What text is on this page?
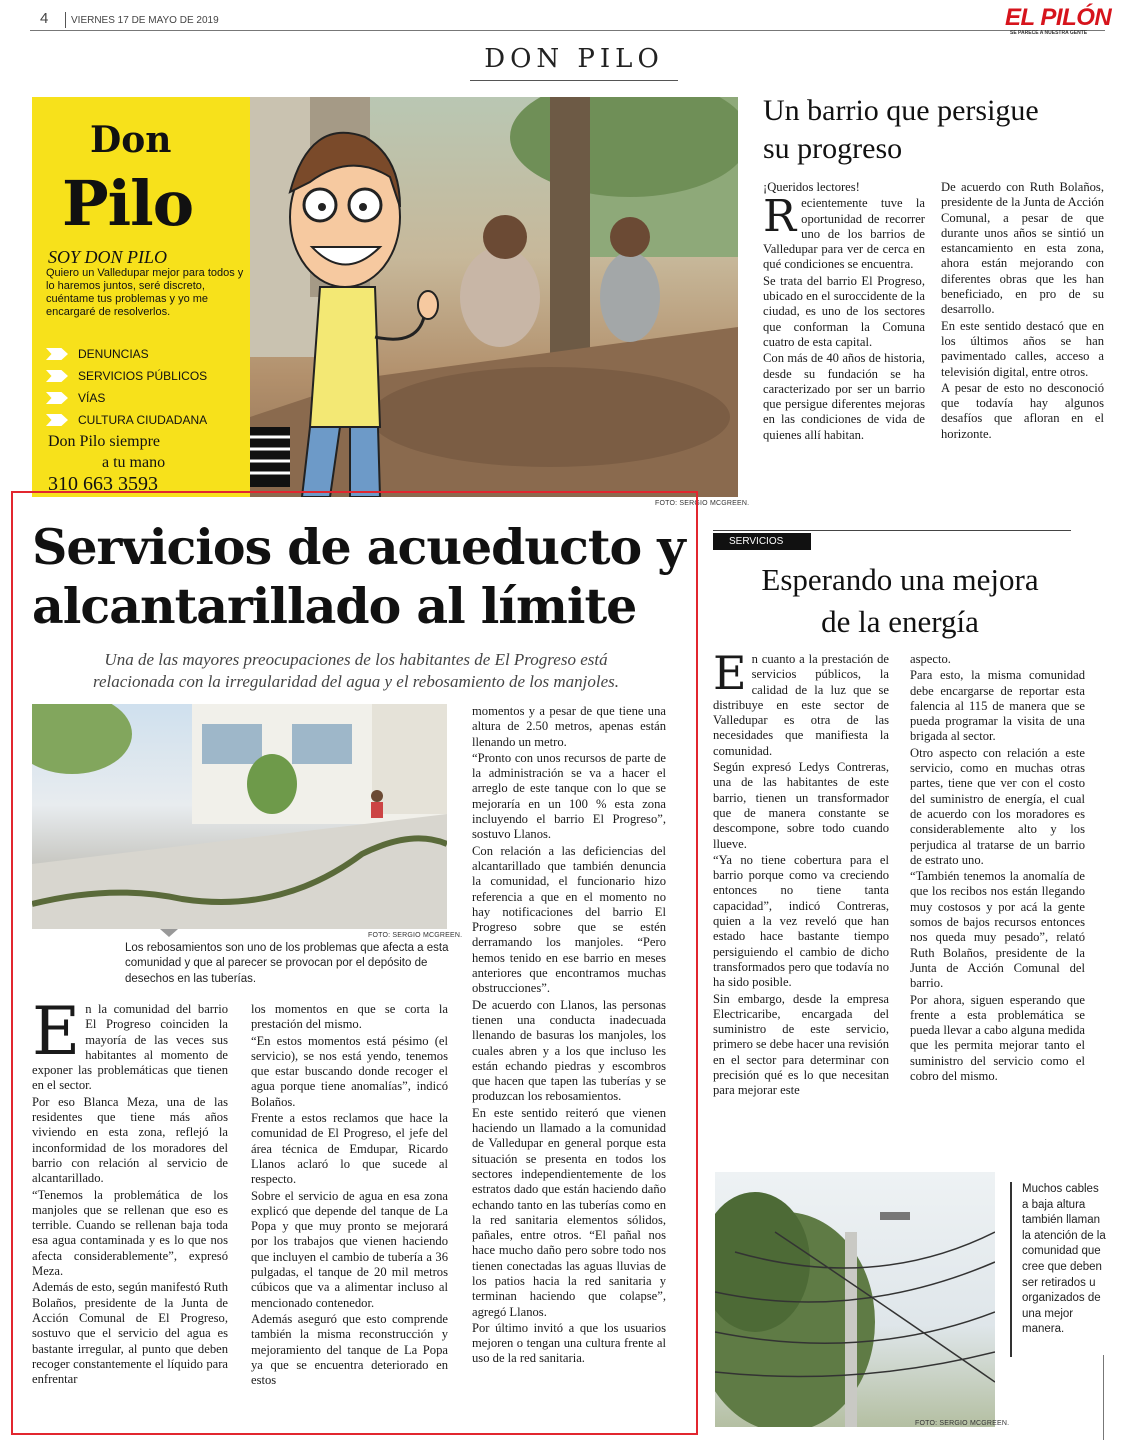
4 VIERNES 17 DE MAYO DE 2019	EL PILÓN
SE PARECE A NUESTRA GENTE
DON PILO
Don
Pilo
SOY DON PILO
Quiero un Valledupar mejor para todos y lo haremos juntos, seré discreto, cuéntame tus problemas y yo me encargaré de resolverlos.
DENUNCIAS
SERVICIOS PÚBLICOS
VÍAS
CULTURA CIUDADANA
Don Pilo siempre
a tu mano
310 663 3593
FOTO: SERGIO MCGREEN.
Un barrio que persigue
su progreso

¡Queridos lectores!

R ecientemente tuve la oportunidad de recorrer uno de los barrios de Valledupar para ver de cerca en qué condiciones se encuentra.

Se trata del barrio El Progreso, ubicado en el suroccidente de la ciudad, es uno de los sectores que conforman la Comuna cuatro de esta capital.

Con más de 40 años de historia, desde su fundación se ha caracterizado por ser un barrio que persigue diferentes mejoras en las condiciones de vida de quienes allí habitan.

De acuerdo con Ruth Bolaños, presidente de la Junta de Acción Comunal, a pesar de que durante unos años se sintió un estancamiento en esta zona, ahora están mejorando con diferentes obras que les han beneficiado, en pro de su desarrollo.

En este sentido destacó que en los últimos años se han pavimentado calles, acceso a televisión digital, entre otros.

A pesar de esto no desconoció que todavía hay algunos desafíos que afloran en el horizonte.

SERVICIOS
Esperando una mejora
de la energía
E n cuanto a la prestación de servicios públicos, la calidad de la luz que se distribuye en este sector de Valledupar es otra de las necesidades que manifiesta la comunidad.

Según expresó Ledys Contreras, una de las habitantes de este barrio, tienen un transformador que de manera constante se descompone, sobre todo cuando llueve.

“Ya no tiene cobertura para el barrio porque como va creciendo entonces no tiene tanta capacidad”, indicó Contreras, quien a la vez reveló que han estado hace bastante tiempo persiguiendo el cambio de dicho transformados pero que todavía no ha sido posible.

Sin embargo, desde la empresa Electricaribe, encargada del suministro de este servicio, primero se debe hacer una revisión en el sector para determinar con precisión qué es lo que necesitan para mejorar este

aspecto.

Para esto, la misma comunidad debe encargarse de reportar esta falencia al 115 de manera que se pueda programar la visita de una brigada al sector.

Otro aspecto con relación a este servicio, como en muchas otras partes, tiene que ver con el costo del suministro de energía, el cual de acuerdo con los moradores es considerablemente alto y los perjudica al tratarse de un barrio de estrato uno.

“También tenemos la anomalía de que los recibos nos están llegando muy costosos y por acá la gente somos de bajos recursos entonces nos queda muy pesado”, relató Ruth Bolaños, presidente de la Junta de Acción Comunal del barrio.

Por ahora, siguen esperando que frente a esta problemática se pueda llevar a cabo alguna medida que les permita mejorar tanto el suministro del servicio como el cobro del mismo.

Muchos cables a baja altura también llaman la atención de la comunidad que cree que deben ser retirados u organizados de una mejor manera.
FOTO: SERGIO MCGREEN.
Servicios de acueducto y
alcantarillado al límite
Una de las mayores preocupaciones de los habitantes de El Progreso está
relacionada con la irregularidad del agua y el rebosamiento de los manjoles.
FOTO: SERGIO MCGREEN.
Los rebosamientos son uno de los problemas que afecta a esta comunidad y que al parecer se provocan por el depósito de desechos en las tuberías.
E n la comunidad del barrio El Progreso coinciden la mayoría de las veces sus habitantes al momento de exponer las problemáticas que tienen en el sector.

Por eso Blanca Meza, una de las residentes que tiene más años viviendo en esta zona, reflejó la inconformidad de los moradores del barrio con relación al servicio de alcantarillado.

“Tenemos la problemática de los manjoles que se rellenan que eso es terrible. Cuando se rellenan baja toda esa agua contaminada y es lo que nos afecta considerablemente”, expresó Meza.

Además de esto, según manifestó Ruth Bolaños, presidente de la Junta de Acción Comunal de El Progreso, sostuvo que el servicio del agua es bastante irregular, al punto que deben recoger constantemente el líquido para enfrentar

los momentos en que se corta la prestación del mismo.

“En estos momentos está pésimo (el servicio), se nos está yendo, tenemos que estar buscando donde recoger el agua porque tiene anomalías”, indicó Bolaños.

Frente a estos reclamos que hace la comunidad de El Progreso, el jefe del área técnica de Emdupar, Ricardo Llanos aclaró lo que sucede al respecto.

Sobre el servicio de agua en esa zona explicó que depende del tanque de La Popa y que muy pronto se mejorará por los trabajos que vienen haciendo que incluyen el cambio de tubería a 36 pulgadas, el tanque de 20 mil metros cúbicos que va a alimentar incluso al mencionado contenedor.

Además aseguró que esto comprende también la misma reconstrucción y mejoramiento del tanque de La Popa ya que se encuentra deteriorado en estos

momentos y a pesar de que tiene una altura de 2.50 metros, apenas están llenando un metro.

“Pronto con unos recursos de parte de la administración se va a hacer el arreglo de este tanque con lo que se mejoraría en un 100 % esta zona incluyendo el barrio El Progreso”, sostuvo Llanos.

Con relación a las deficiencias del alcantarillado que también denuncia la comunidad, el funcionario hizo referencia a que en el momento no hay notificaciones del barrio El Progreso sobre que se estén derramando los manjoles. “Pero hemos tenido en ese barrio en meses anteriores que encontramos muchas obstrucciones”.

De acuerdo con Llanos, las personas tienen una conducta inadecuada llenando de basuras los manjoles, los cuales abren y a los que incluso les están echando piedras y escombros que hacen que tapen las tuberías y se produzcan los rebosamientos.

En este sentido reiteró que vienen haciendo un llamado a la comunidad de Valledupar en general porque esta situación se presenta en todos los sectores independientemente de los estratos dado que están haciendo daño echando tanto en las tuberías como en la red sanitaria elementos sólidos, pañales, entre otros. “El pañal nos hace mucho daño pero sobre todo nos tienen conectadas las aguas lluvias de los patios hacia la red sanitaria y terminan haciendo que colapse”, agregó Llanos.

Por último invitó a que los usuarios mejoren o tengan una cultura frente al uso de la red sanitaria.
